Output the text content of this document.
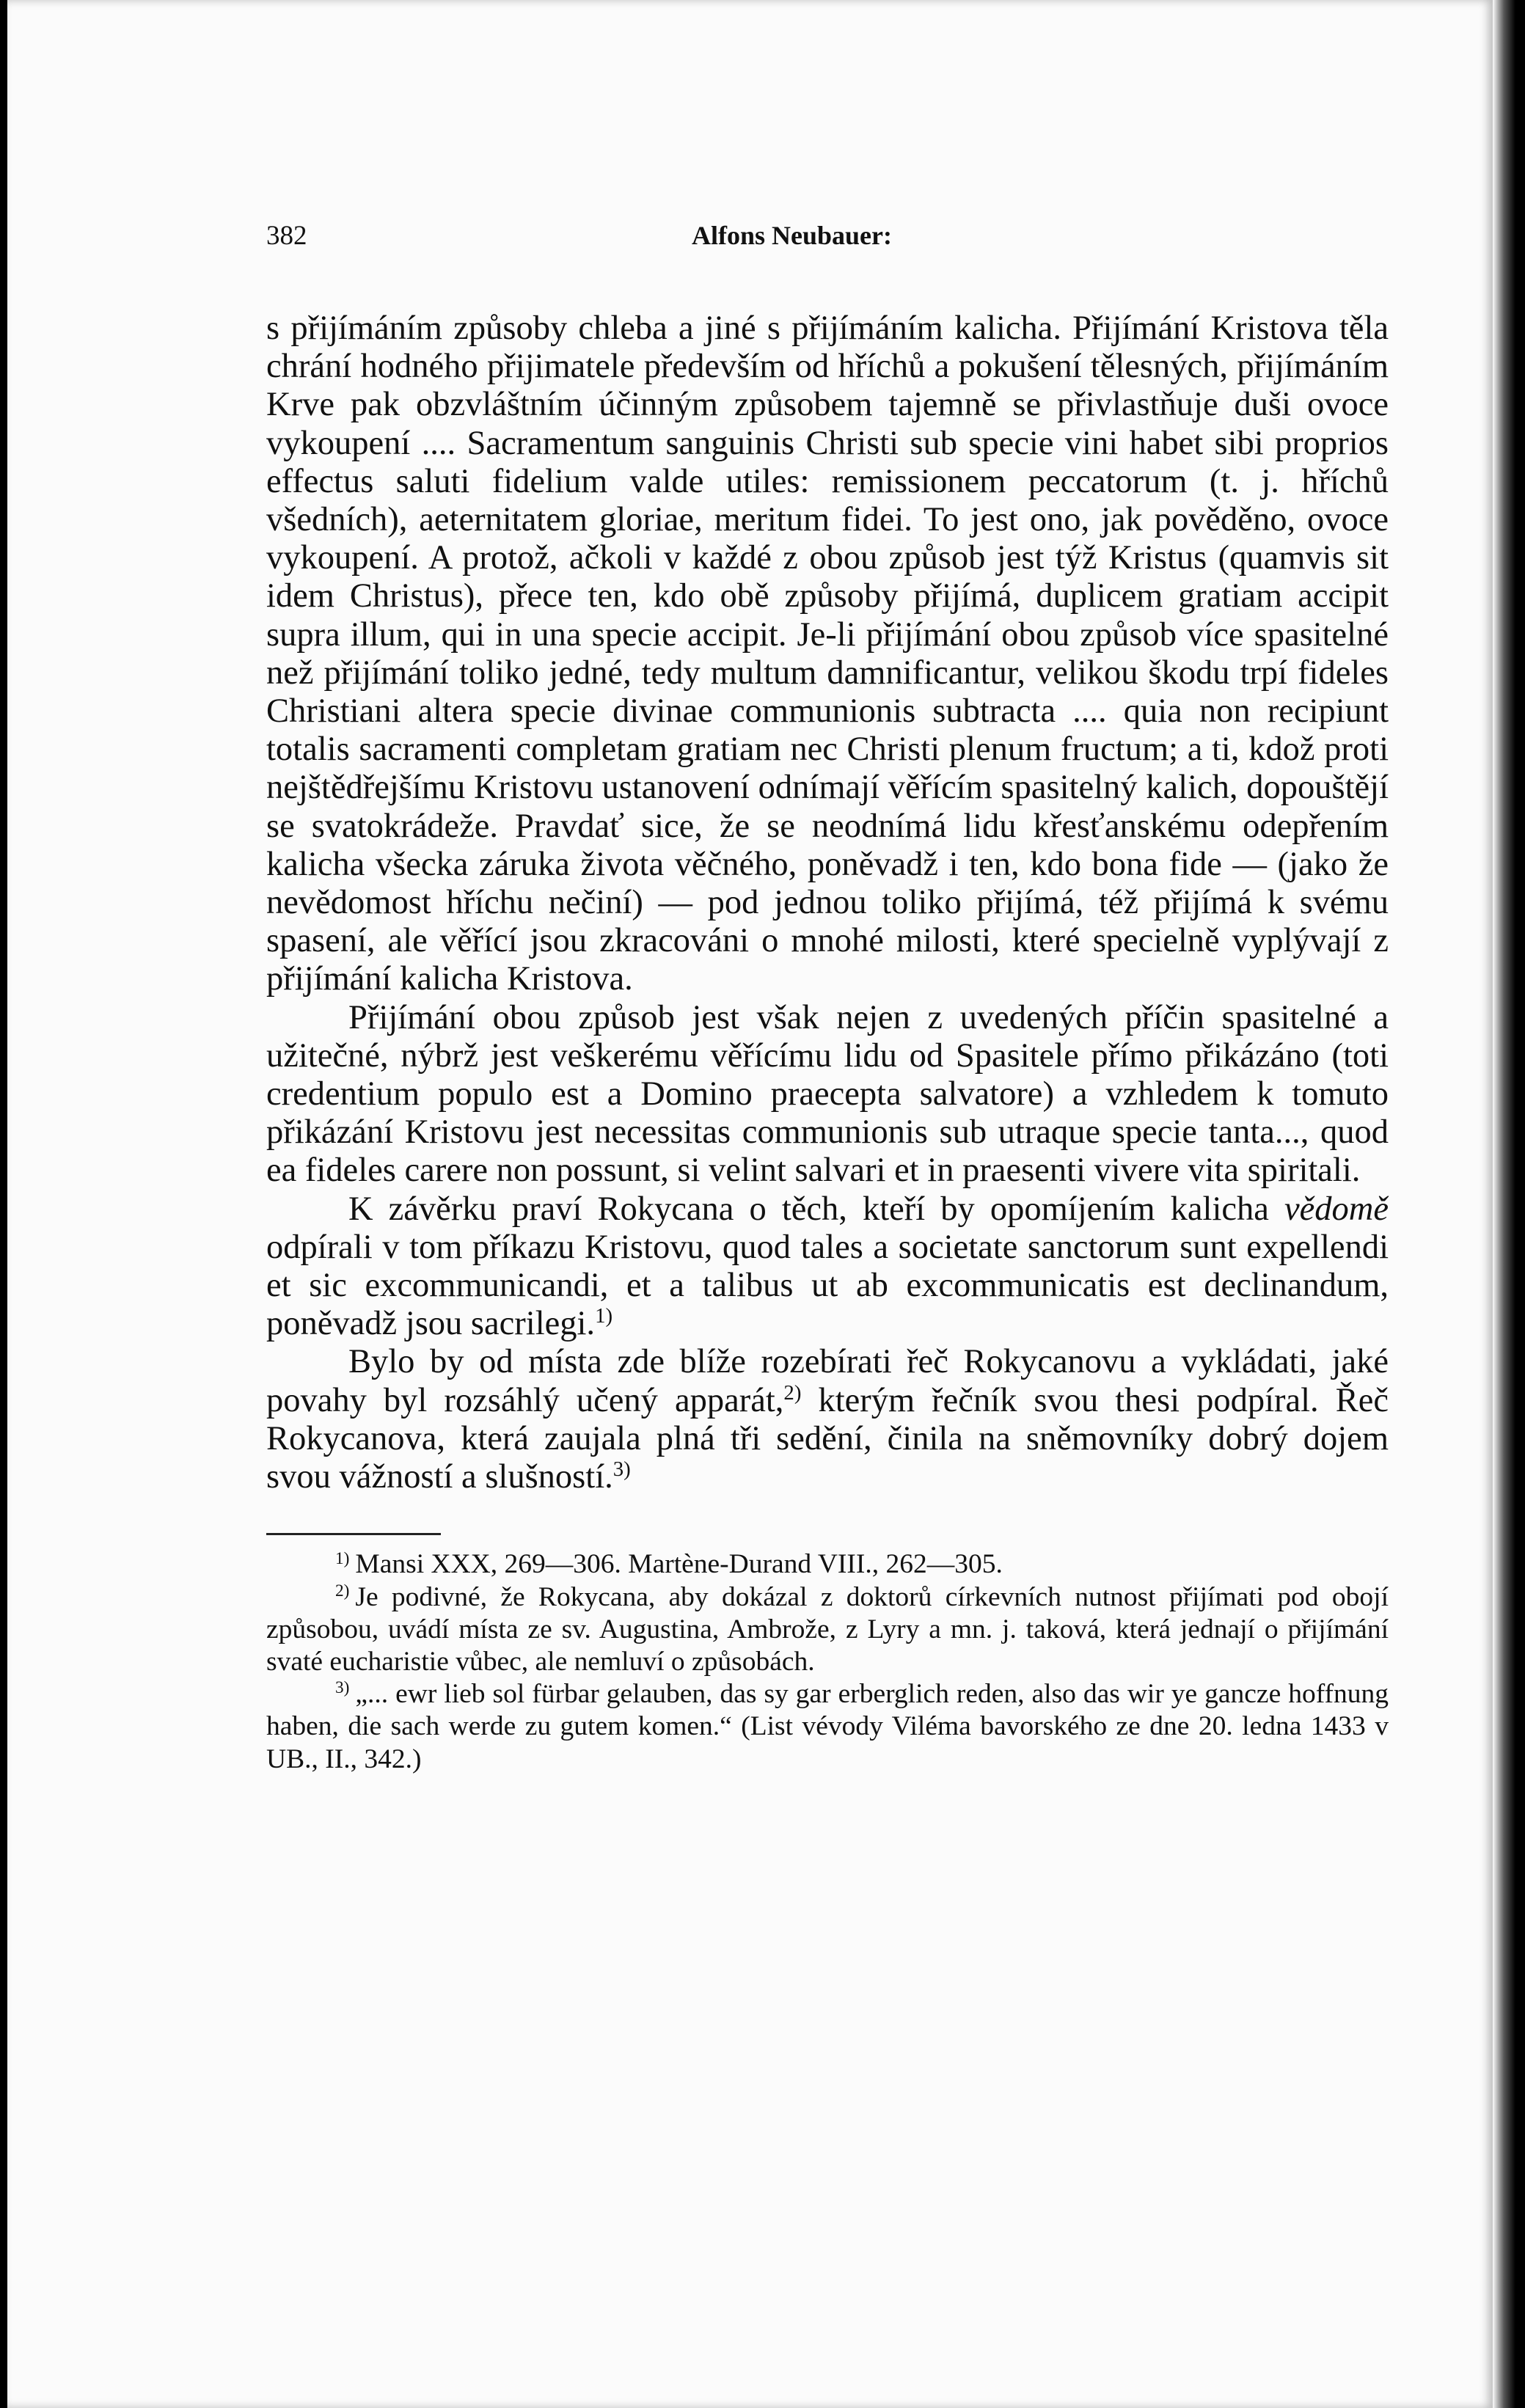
382	Alfons Neubauer:

s přijímáním způsoby chleba a jiné s přijímáním kalicha. Přijímání Kristova těla chrání hodného přijimatele především od hříchů a pokušení tělesných, přijímáním Krve pak obzvláštním účinným způsobem tajemně se přivlastňuje duši ovoce vykoupení .... Sacramentum sanguinis Christi sub specie vini habet sibi proprios effectus saluti fidelium valde utiles: remissionem peccatorum (t. j. hříchů všedních), aeternitatem gloriae, meritum fidei. To jest ono, jak pověděno, ovoce vykoupení. A protož, ačkoli v každé z obou způsob jest týž Kristus (quamvis sit idem Christus), přece ten, kdo obě způsoby přijímá, duplicem gratiam accipit supra illum, qui in una specie accipit. Je-li přijímání obou způsob více spasitelné než přijímání toliko jedné, tedy multum damnificantur, velikou škodu trpí fideles Christiani altera specie divinae communionis subtracta .... quia non recipiunt totalis sacramenti completam gratiam nec Christi plenum fructum; a ti, kdož proti nejštědřejšímu Kristovu ustanovení odnímají věřícím spasitelný kalich, dopouštějí se svatokrádeže. Pravdať sice, že se neodnímá lidu křesťanskému odepřením kalicha všecka záruka života věčného, poněvadž i ten, kdo bona fide — (jako že nevědomost hříchu nečiní) — pod jednou toliko přijímá, též přijímá k svému spasení, ale věřící jsou zkracováni o mnohé milosti, které specielně vyplývají z přijímání kalicha Kristova.

Přijímání obou způsob jest však nejen z uvedených příčin spasitelné a užitečné, nýbrž jest veškerému věřícímu lidu od Spasitele přímo přikázáno (toti credentium populo est a Domino praecepta salvatore) a vzhledem k tomuto přikázání Kristovu jest necessitas communionis sub utraque specie tanta..., quod ea fideles carere non possunt, si velint salvari et in praesenti vivere vita spiritali.

K závěrku praví Rokycana o těch, kteří by opomíjením kalicha vědomě odpírali v tom příkazu Kristovu, quod tales a societate sanctorum sunt expellendi et sic excommunicandi, et a talibus ut ab excommunicatis est declinandum, poněvadž jsou sacrilegi.$^{1)}$

Bylo by od místa zde blíže rozebírati řeč Rokycanovu a vykládati, jaké povahy byl rozsáhlý učený apparát,$^{2)}$ kterým řečník svou thesi podpíral. Řeč Rokycanova, která zaujala plná tři sedění, činila na sněmovníky dobrý dojem svou vážností a slušností.$^{3)}$

$^{1)}$ Mansi XXX, 269—306. Martène-Durand VIII., 262—305.

$^{2)}$ Je podivné, že Rokycana, aby dokázal z doktorů církevních nutnost přijímati pod obojí způsobou, uvádí místa ze sv. Augustina, Ambrože, z Lyry a mn. j. taková, která jednají o přijímání svaté eucharistie vůbec, ale nemluví o způsobách.

$^{3)}$ „... ewr lieb sol fürbar gelauben, das sy gar erberglich reden, also das wir ye gancze hoffnung haben, die sach werde zu gutem komen.“ (List vévody Viléma bavorského ze dne 20. ledna 1433 v UB., II., 342.)
